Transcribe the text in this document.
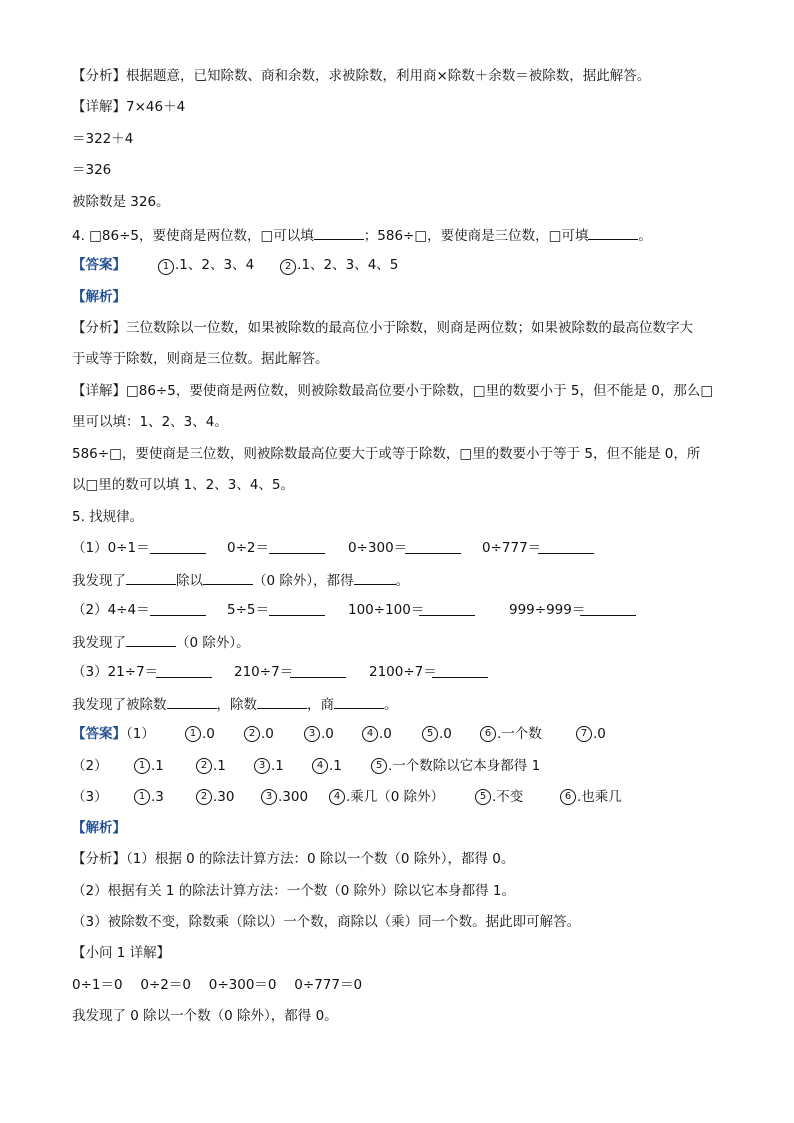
【分析】根据题意，已知除数、商和余数，求被除数，利用商×除数＋余数＝被除数，据此解答。
【详解】7×46＋4
＝322＋4
＝326
被除数是 326。
4. □86÷5，要使商是两位数，□可以填	；586÷□，要使商是三位数，□可填	。
【答案】	1 .1、2、3、4	2 .1、2、3、4、5
【解析】
【分析】三位数除以一位数，如果被除数的最高位小于除数，则商是两位数；如果被除数的最高位数字大
于或等于除数，则商是三位数。据此解答。
【详解】□86÷5，要使商是两位数，则被除数最高位要小于除数，□里的数要小于 5，但不能是 0，那么□
里可以填：1、2、3、4。
586÷□，要使商是三位数，则被除数最高位要大于或等于除数，□里的数要小于等于 5，但不能是 0，所
以□里的数可以填 1、2、3、4、5。
5. 找规律。
（1）0÷1＝	0÷2＝	0÷300＝	0÷777＝
我发现了	除以	（0 除外），都得	。
（2）4÷4＝	5÷5＝	100÷100＝	999÷999＝
我发现了	（0 除外）。
（3）21÷7＝	210÷7＝	2100÷7＝
我发现了被除数	，除数	，商	。
【答案】（1）	1 . 0	2 . 0	3 . 0	4 . 0	5 . 0	6 . 一个数	7 . 0
（2）	1 . 1	2 . 1	3 . 1	4 . 1	5 . 一个数除以它本身都得 1
（3）	1 . 3	2 . 30	3 . 300	4 . 乘几（0 除外）	5 . 不变	6 . 也乘几
【解析】
【分析】（1）根据 0 的除法计算方法：0 除以一个数（0 除外），都得 0。
（2）根据有关 1 的除法计算方法：一个数（0 除外）除以它本身都得 1。
（3）被除数不变，除数乘（除以）一个数，商除以（乘）同一个数。据此即可解答。
【小问 1 详解】
0÷1＝0　 0÷2＝0　 0÷300＝0　 0÷777＝0
我发现了 0 除以一个数（0 除外），都得 0。
